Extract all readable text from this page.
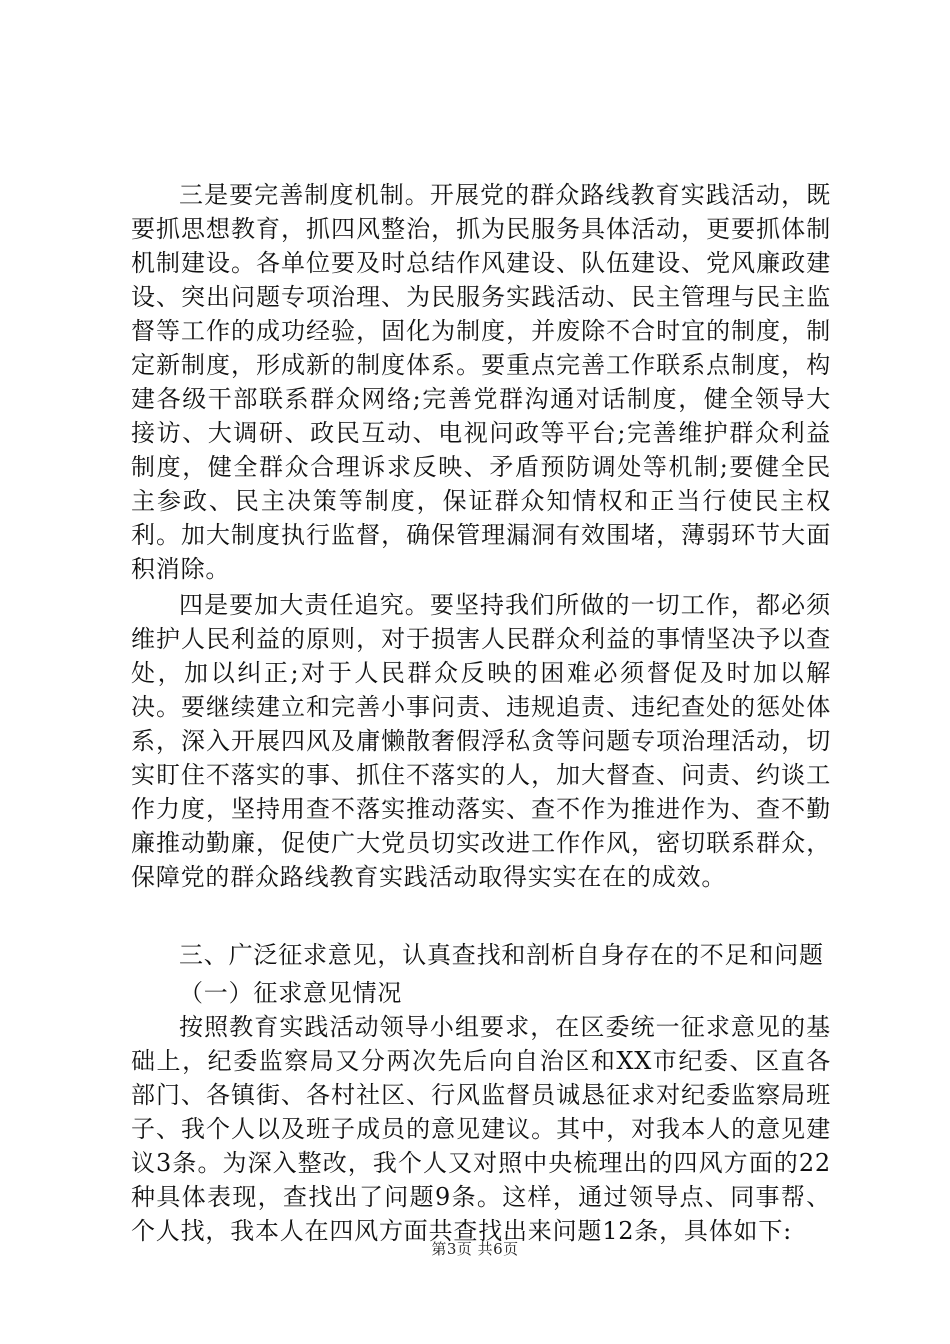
三是要完善制度机制。开展党的群众路线教育实践活动，既要抓思想教育，抓四风整治，抓为民服务具体活动，更要抓体制机制建设。各单位要及时总结作风建设、队伍建设、党风廉政建设、突出问题专项治理、为民服务实践活动、民主管理与民主监督等工作的成功经验，固化为制度，并废除不合时宜的制度，制定新制度，形成新的制度体系。要重点完善工作联系点制度，构建各级干部联系群众网络;完善党群沟通对话制度，健全领导大接访、大调研、政民互动、电视问政等平台;完善维护群众利益制度，健全群众合理诉求反映、矛盾预防调处等机制;要健全民主参政、民主决策等制度，保证群众知情权和正当行使民主权利。加大制度执行监督，确保管理漏洞有效围堵，薄弱环节大面积消除。

四是要加大责任追究。要坚持我们所做的一切工作，都必须维护人民利益的原则，对于损害人民群众利益的事情坚决予以查处，加以纠正;对于人民群众反映的困难必须督促及时加以解决。要继续建立和完善小事问责、违规追责、违纪查处的惩处体系，深入开展四风及庸懒散奢假浮私贪等问题专项治理活动，切实盯住不落实的事、抓住不落实的人，加大督查、问责、约谈工作力度，坚持用查不落实推动落实、查不作为推进作为、查不勤廉推动勤廉，促使广大党员切实改进工作作风，密切联系群众，保障党的群众路线教育实践活动取得实实在在的成效。

三、广泛征求意见，认真查找和剖析自身存在的不足和问题

（一）征求意见情况

按照教育实践活动领导小组要求，在区委统一征求意见的基础上，纪委监察局又分两次先后向自治区和XX市纪委、区直各部门、各镇街、各村社区、行风监督员诚恳征求对纪委监察局班子、我个人以及班子成员的意见建议。其中，对我本人的意见建议3条。为深入整改，我个人又对照中央梳理出的四风方面的22种具体表现，查找出了问题9条。这样，通过领导点、同事帮、个人找，我本人在四风方面共查找出来问题12条，具体如下:

第3页 共6页
